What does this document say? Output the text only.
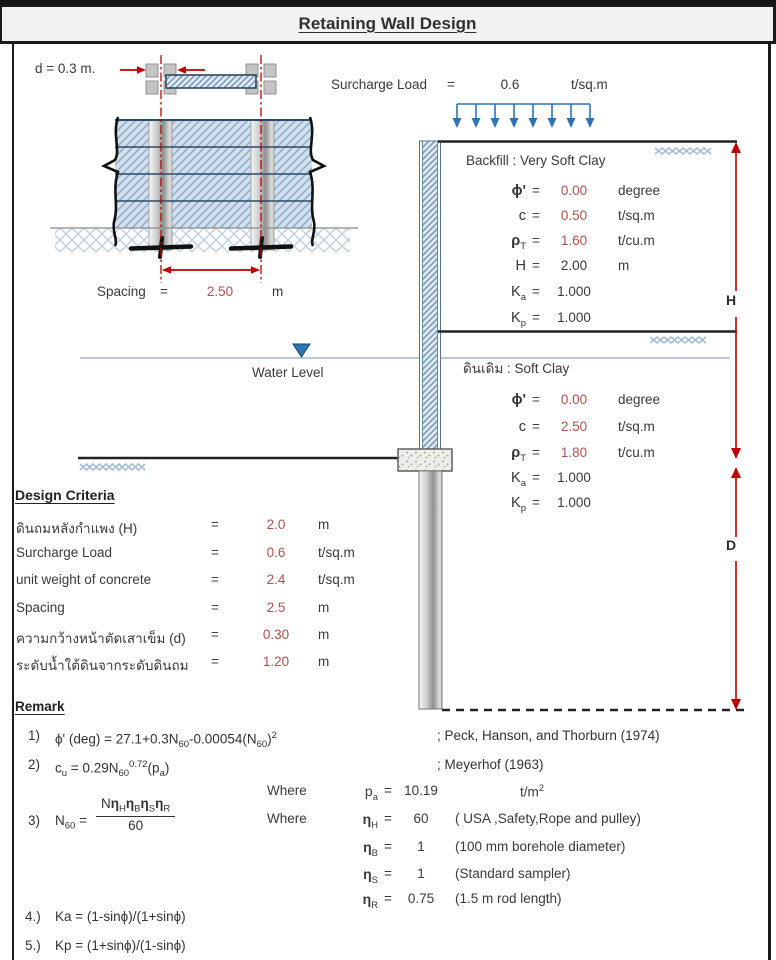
Retaining Wall Design
d = 0.3 m.
Spacing =	2.50	m
Surcharge Load =	0.6	t/sq.m
Backfill : Very Soft Clay
ϕ' =	0.00	degree
c =	0.50	t/sq.m
$\rho_T$ =	1.60	t/cu.m
H =	2.00	m
$K_a$ =	1.000
$K_p$ =	1.000
Water Level
H
D
ดินเดิม : Soft Clay
ϕ' =	0.00	degree
c =	2.50	t/sq.m
$\rho_T$ =	1.80	t/cu.m
$K_a$ =	1.000
$K_p$ =	1.000
Design Criteria
ดินถมหลังกำแพง (H)	=	2.0	m
Surcharge Load	=	0.6	t/sq.m
unit weight of concrete	=	2.4	t/sq.m
Spacing	=	2.5	m
ความกว้างหน้าตัดเสาเข็ม (d) =	0.30	m
ระดับน้ำใต้ดินจากระดับดินถม =	1.20	m
Remark
1) ϕ' $(deg) = 27.1+0.3N_{60}-0.00054(N_{60})^2$	; Peck, Hanson, and Thorburn (1974)
2) $c_u = 0.29N_{60}^{0.72}(p_a)$	; Meyerhof (1963)
Where	$p_a = 10.19$	$t/m^2$
Where	$\eta_H$ =	60	( USA ,Safety,Rope and pulley)
$\eta_B$ =	1	(100 mm borehole diameter)
$\eta_S$ =	1	(Standard sampler)
$\eta_R$ =	0.75	(1.5 m rod length)
3) $N_{60}$ =
$N\eta_H\eta_B\eta_S\eta_R$
60
4.) Ka = (1-sinϕ)/(1+sinϕ)
5.) Kp = (1+sinϕ)/(1-sinϕ)
